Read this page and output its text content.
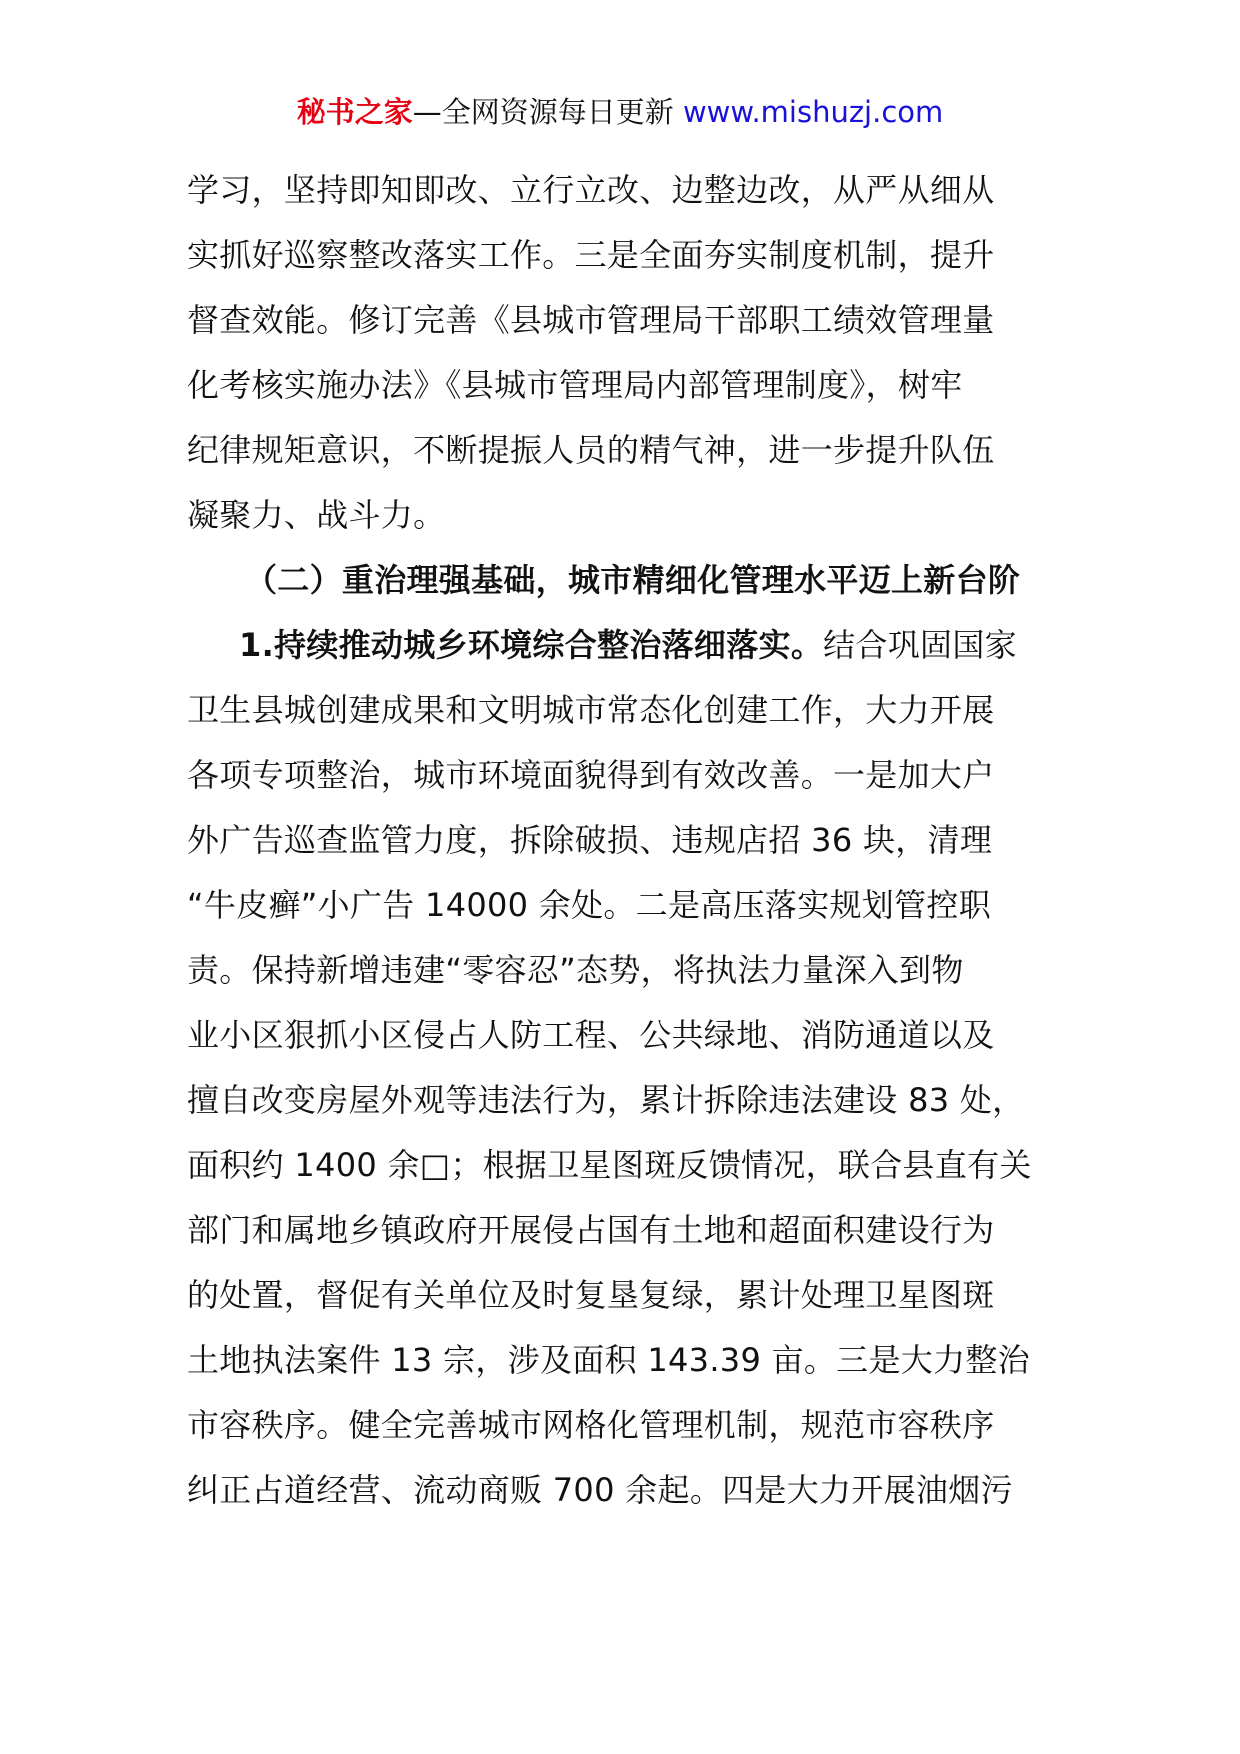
秘书之家—全网资源每日更新 www.mishuzj.com
学习，坚持即知即改、立行立改、边整边改，从严从细从
实抓好巡察整改落实工作。三是全面夯实制度机制，提升
督查效能。修订完善《县城市管理局干部职工绩效管理量
化考核实施办法》《县城市管理局内部管理制度》，树牢
纪律规矩意识，不断提振人员的精气神，进一步提升队伍
凝聚力、战斗力。
（二）重治理强基础，城市精细化管理水平迈上新台阶
1.持续推动城乡环境综合整治落细落实。结合巩固国家
卫生县城创建成果和文明城市常态化创建工作，大力开展
各项专项整治，城市环境面貌得到有效改善。一是加大户
外广告巡查监管力度，拆除破损、违规店招 36 块，清理
“牛皮癣”小广告 14000 余处。二是高压落实规划管控职
责。保持新增违建“零容忍”态势，将执法力量深入到物
业小区狠抓小区侵占人防工程、公共绿地、消防通道以及
擅自改变房屋外观等违法行为，累计拆除违法建设 83 处，
面积约 1400 余□；根据卫星图斑反馈情况，联合县直有关
部门和属地乡镇政府开展侵占国有土地和超面积建设行为
的处置，督促有关单位及时复垦复绿，累计处理卫星图斑
土地执法案件 13 宗，涉及面积 143.39 亩。三是大力整治
市容秩序。健全完善城市网格化管理机制，规范市容秩序
纠正占道经营、流动商贩 700 余起。四是大力开展油烟污
